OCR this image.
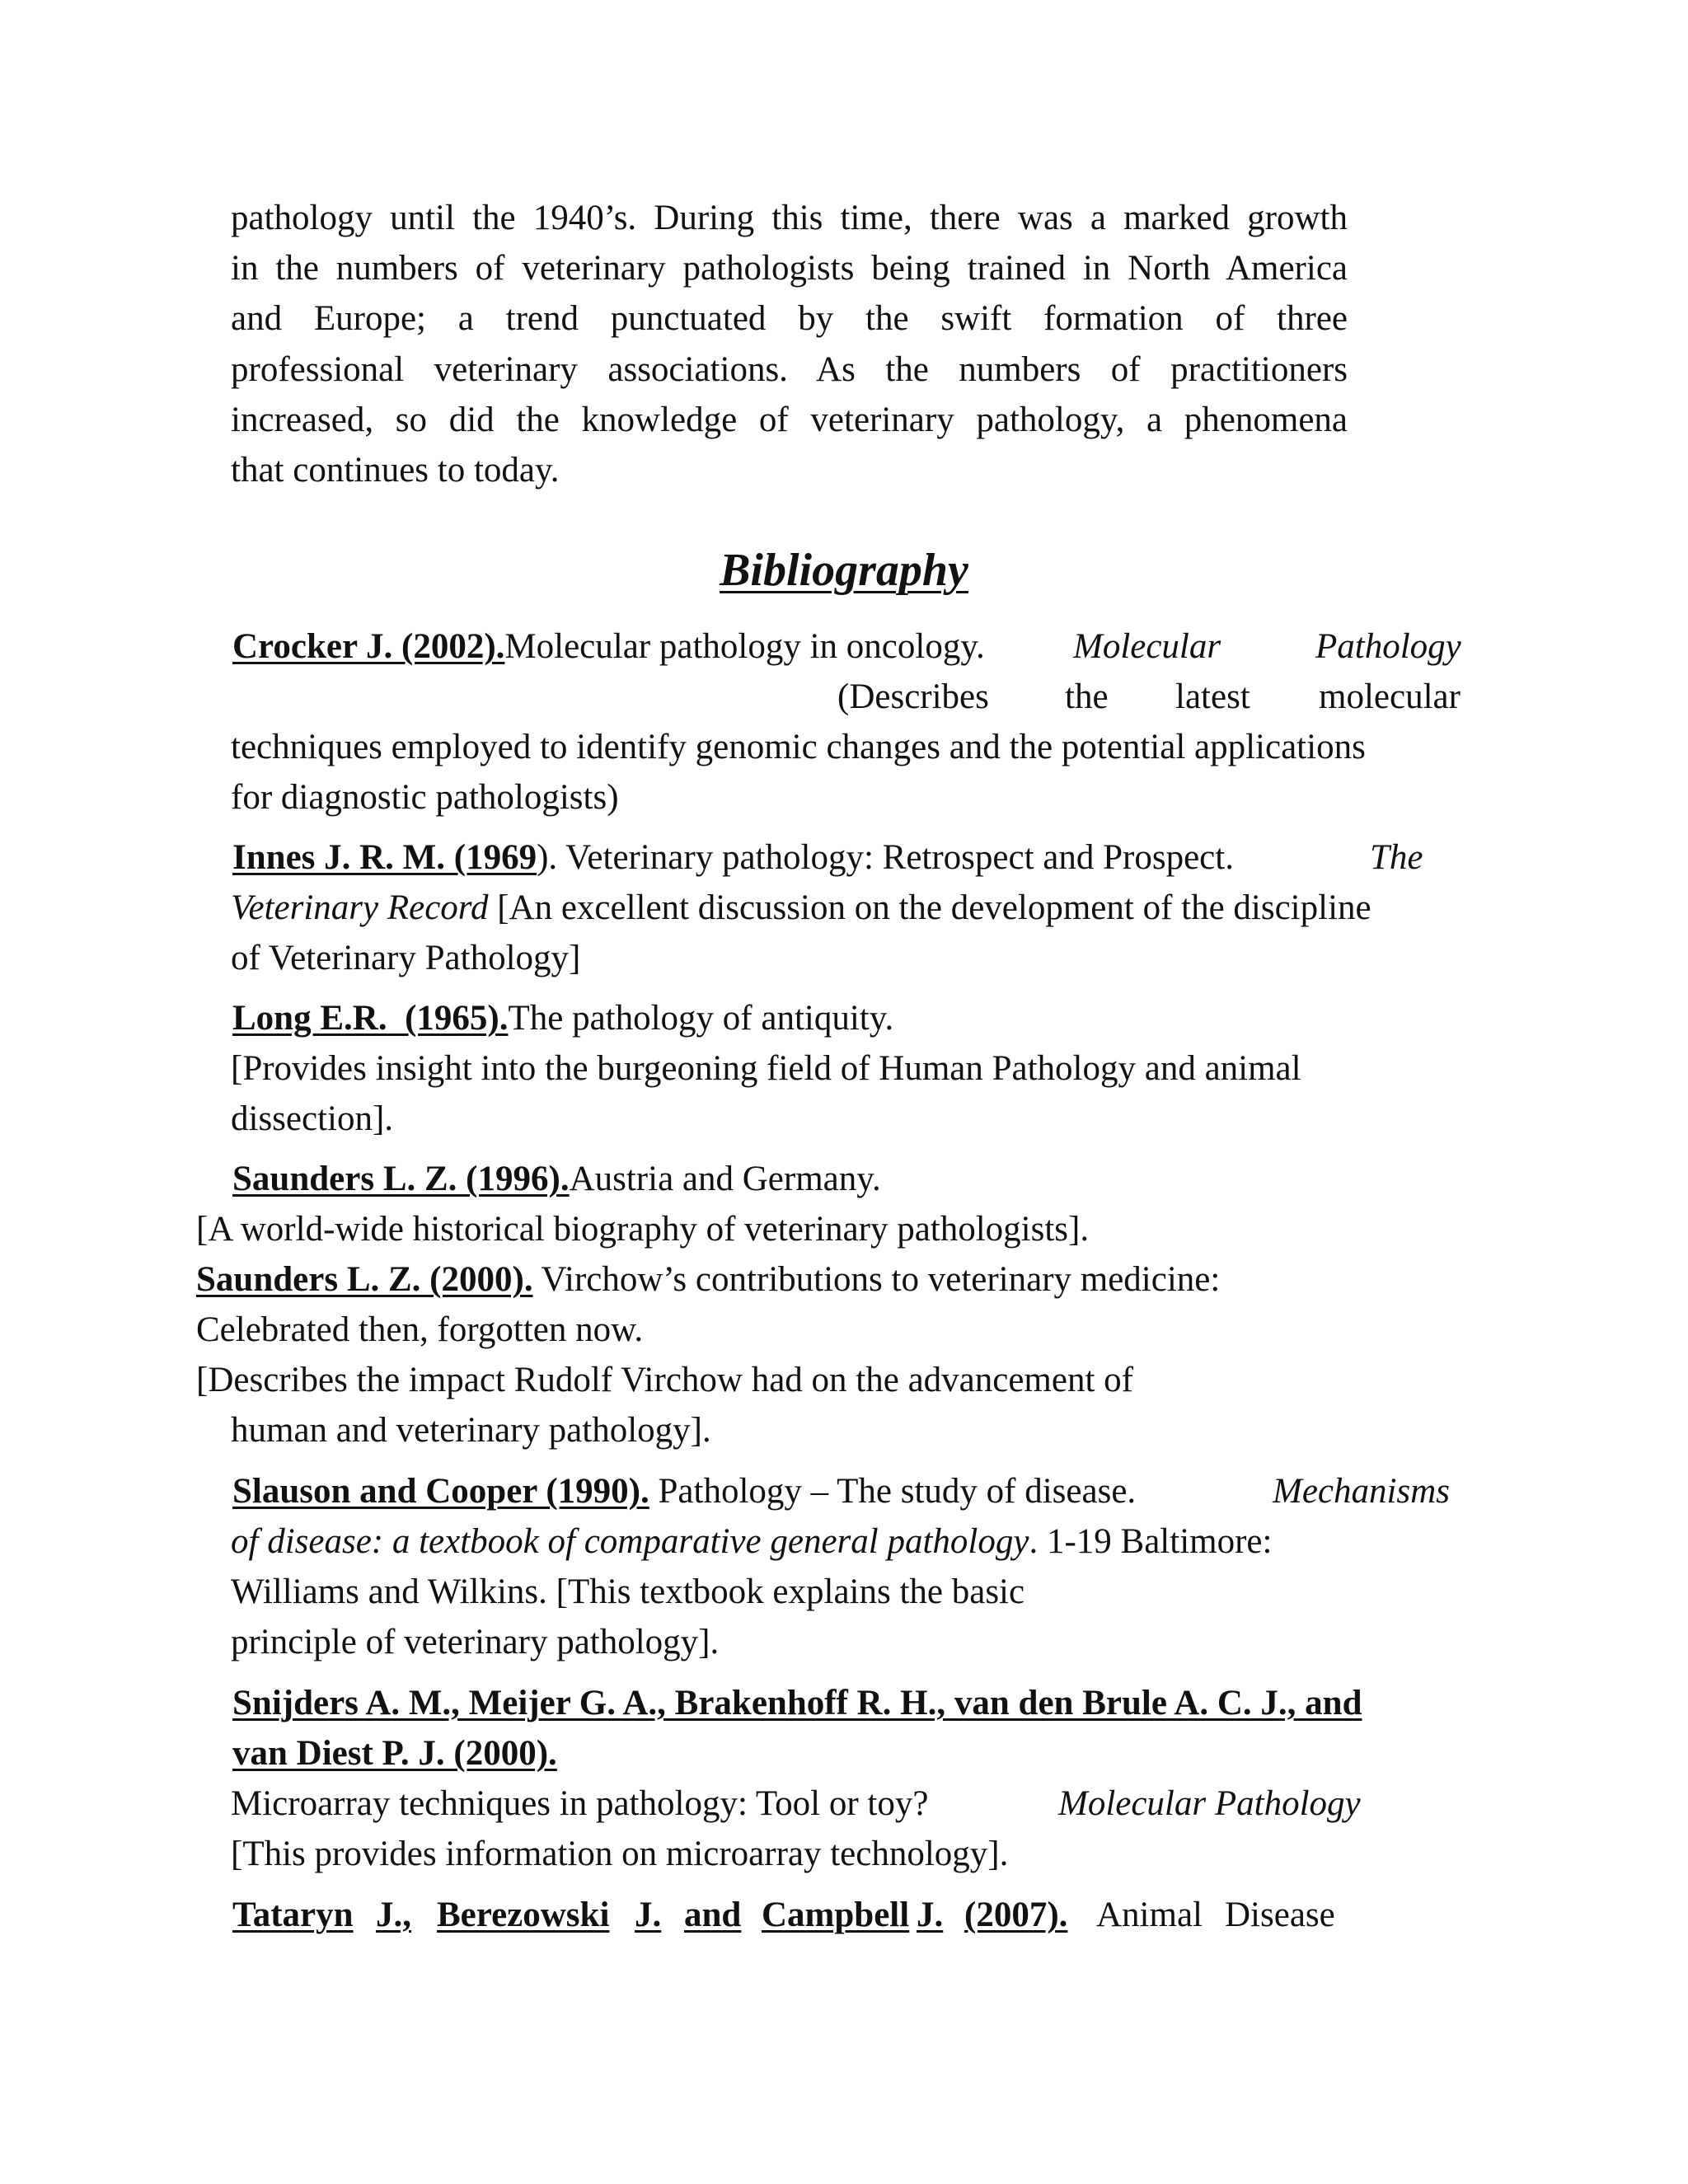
pathology until the 1940’s. During this time, there was a marked growth
in the numbers of veterinary pathologists being trained in North America
and Europe; a trend punctuated by the swift formation of three
professional veterinary associations. As the numbers of practitioners
increased, so did the knowledge of veterinary pathology, a phenomena
that continues to today.
Bibliography
Crocker J. (2002).Molecular pathology in oncology. Molecular	Pathology
(Describes the latest molecular
techniques employed to identify genomic changes and the potential applications
for diagnostic pathologists)
Innes J. R. M. (1969). Veterinary pathology: Retrospect and Prospect.	The
Veterinary Record [An excellent discussion on the development of the discipline
of Veterinary Pathology]
Long E.R.  (1965).The pathology of antiquity.
[Provides insight into the burgeoning field of Human Pathology and animal
dissection].
Saunders L. Z. (1996).Austria and Germany.
[A world-wide historical biography of veterinary pathologists].
Saunders L. Z. (2000). Virchow’s contributions to veterinary medicine:
Celebrated then, forgotten now.
[Describes the impact Rudolf Virchow had on the advancement of
human and veterinary pathology].
Slauson and Cooper (1990). Pathology – The study of disease.	Mechanisms
of disease: a textbook of comparative general pathology. 1-19 Baltimore:
Williams and Wilkins. [This textbook explains the basic
principle of veterinary pathology].
Snijders A. M., Meijer G. A., Brakenhoff R. H., van den Brule A. C. J., and
van Diest P. J. (2000).
Microarray techniques in pathology: Tool or toy?	Molecular Pathology
[This provides information on microarray technology].
Tataryn J., Berezowski J. and Campbell J. (2007). Animal Disease
